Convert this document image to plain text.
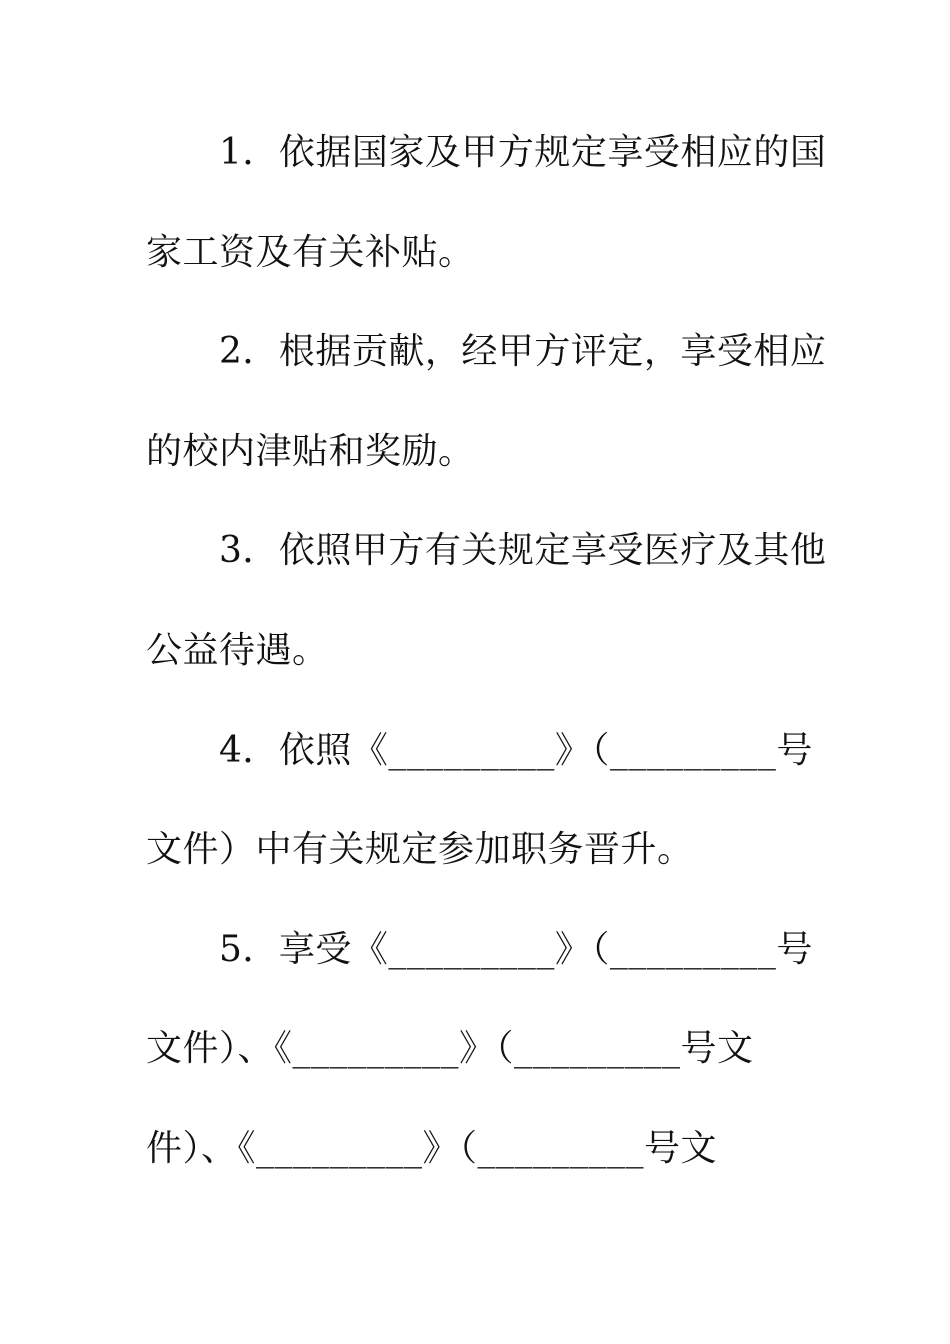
　　1．依据国家及甲方规定享受相应的国
家工资及有关补贴。
　　2．根据贡献，经甲方评定，享受相应
的校内津贴和奖励。
　　3．依照甲方有关规定享受医疗及其他
公益待遇。
　　4．依照《_________》（_________号
文件）中有关规定参加职务晋升。
　　5．享受《_________》（_________号
文件）、《_________》（_________号文
件）、《_________》（_________号文
